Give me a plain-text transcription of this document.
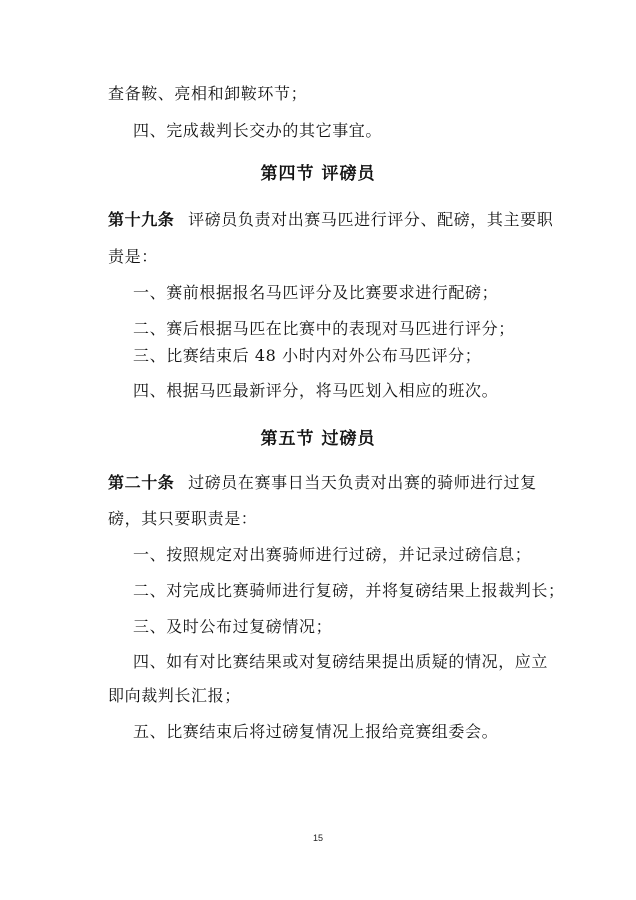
查备鞍、亮相和卸鞍环节；
四、完成裁判长交办的其它事宜。
第四节 评磅员
第十九条 评磅员负责对出赛马匹进行评分、配磅，其主要职
责是：
一、赛前根据报名马匹评分及比赛要求进行配磅；
二、赛后根据马匹在比赛中的表现对马匹进行评分；
三、比赛结束后 48 小时内对外公布马匹评分；
四、根据马匹最新评分，将马匹划入相应的班次。
第五节 过磅员
第二十条 过磅员在赛事日当天负责对出赛的骑师进行过复
磅，其只要职责是：
一、按照规定对出赛骑师进行过磅，并记录过磅信息；
二、对完成比赛骑师进行复磅，并将复磅结果上报裁判长；
三、及时公布过复磅情况；
四、如有对比赛结果或对复磅结果提出质疑的情况，应立
即向裁判长汇报；
五、比赛结束后将过磅复情况上报给竞赛组委会。
15
